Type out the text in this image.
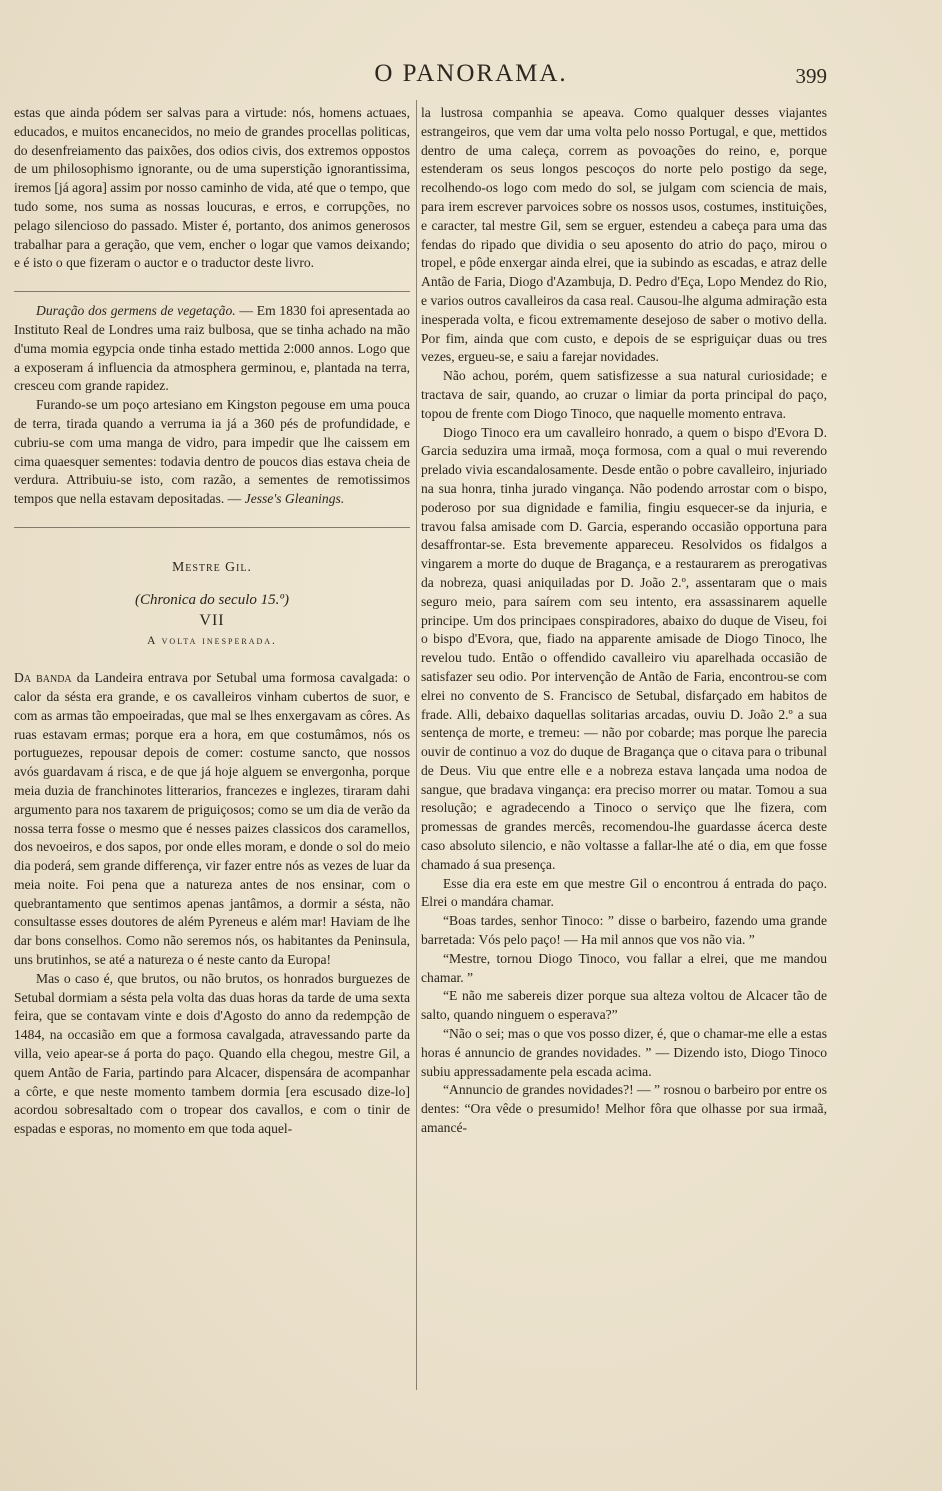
O PANORAMA.	399

estas que ainda pódem ser salvas para a virtude: nós, homens actuaes, educados, e muitos encanecidos, no meio de grandes procellas politicas, do desenfreiamento das paixões, dos odios civis, dos extremos oppostos de um philosophismo ignorante, ou de uma superstição ignorantissima, iremos [já agora] assim por nosso caminho de vida, até que o tempo, que tudo some, nos suma as nossas loucuras, e erros, e corrupções, no pelago silencioso do passado. Mister é, portanto, dos animos generosos trabalhar para a geração, que vem, encher o logar que vamos deixando; e é isto o que fizeram o auctor e o traductor deste livro.

Duração dos germens de vegetação. — Em 1830 foi apresentada ao Instituto Real de Londres uma raiz bulbosa, que se tinha achado na mão d'uma momia egypcia onde tinha estado mettida 2:000 annos. Logo que a exposeram á influencia da atmosphera germinou, e, plantada na terra, cresceu com grande rapidez.

Furando-se um poço artesiano em Kingston pegouse em uma pouca de terra, tirada quando a verruma ia já a 360 pés de profundidade, e cubriu-se com uma manga de vidro, para impedir que lhe caissem em cima quaesquer sementes: todavia dentro de poucos dias estava cheia de verdura. Attribuiu-se isto, com razão, a sementes de remotissimos tempos que nella estavam depositadas. — Jesse's Gleanings.

Mestre Gil.
(Chronica do seculo 15.º)
VII
A volta inesperada.

Da banda da Landeira entrava por Setubal uma formosa cavalgada: o calor da sésta era grande, e os cavalleiros vinham cubertos de suor, e com as armas tão empoeiradas, que mal se lhes enxergavam as côres. As ruas estavam ermas; porque era a hora, em que costumâmos, nós os portuguezes, repousar depois de comer: costume sancto, que nossos avós guardavam á risca, e de que já hoje alguem se envergonha, porque meia duzia de franchinotes litterarios, francezes e inglezes, tiraram dahi argumento para nos taxarem de priguiçosos; como se um dia de verão da nossa terra fosse o mesmo que é nesses paizes classicos dos caramellos, dos nevoeiros, e dos sapos, por onde elles moram, e donde o sol do meio dia poderá, sem grande differença, vir fazer entre nós as vezes de luar da meia noite. Foi pena que a natureza antes de nos ensinar, com o quebrantamento que sentimos apenas jantâmos, a dormir a sésta, não consultasse esses doutores de além Pyreneus e além mar! Haviam de lhe dar bons conselhos. Como não seremos nós, os habitantes da Peninsula, uns brutinhos, se até a natureza o é neste canto da Europa!

Mas o caso é, que brutos, ou não brutos, os honrados burguezes de Setubal dormiam a sésta pela volta das duas horas da tarde de uma sexta feira, que se contavam vinte e dois d'Agosto do anno da redempção de 1484, na occasião em que a formosa cavalgada, atravessando parte da villa, veio apear-se á porta do paço. Quando ella chegou, mestre Gil, a quem Antão de Faria, partindo para Alcacer, dispensára de acompanhar a côrte, e que neste momento tambem dormia [era escusado dize-lo] acordou sobresaltado com o tropear dos cavallos, e com o tinir de espadas e esporas, no momento em que toda aquel-

la lustrosa companhia se apeava. Como qualquer desses viajantes estrangeiros, que vem dar uma volta pelo nosso Portugal, e que, mettidos dentro de uma caleça, correm as povoações do reino, e, porque estenderam os seus longos pescoços do norte pelo postigo da sege, recolhendo-os logo com medo do sol, se julgam com sciencia de mais, para irem escrever parvoices sobre os nossos usos, costumes, instituições, e caracter, tal mestre Gil, sem se erguer, estendeu a cabeça para uma das fendas do ripado que dividia o seu aposento do atrio do paço, mirou o tropel, e pôde enxergar ainda elrei, que ia subindo as escadas, e atraz delle Antão de Faria, Diogo d'Azambuja, D. Pedro d'Eça, Lopo Mendez do Rio, e varios outros cavalleiros da casa real. Causou-lhe alguma admiração esta inesperada volta, e ficou extremamente desejoso de saber o motivo della. Por fim, ainda que com custo, e depois de se espriguiçar duas ou tres vezes, ergueu-se, e saiu a farejar novidades.

Não achou, porém, quem satisfizesse a sua natural curiosidade; e tractava de sair, quando, ao cruzar o limiar da porta principal do paço, topou de frente com Diogo Tinoco, que naquelle momento entrava.

Diogo Tinoco era um cavalleiro honrado, a quem o bispo d'Evora D. Garcia seduzira uma irmaã, moça formosa, com a qual o mui reverendo prelado vivia escandalosamente. Desde então o pobre cavalleiro, injuriado na sua honra, tinha jurado vingança. Não podendo arrostar com o bispo, poderoso por sua dignidade e familia, fingiu esquecer-se da injuria, e travou falsa amisade com D. Garcia, esperando occasião opportuna para desaffrontar-se. Esta brevemente appareceu. Resolvidos os fidalgos a vingarem a morte do duque de Bragança, e a restaurarem as prerogativas da nobreza, quasi aniquiladas por D. João 2.º, assentaram que o mais seguro meio, para saírem com seu intento, era assassinarem aquelle principe. Um dos principaes conspiradores, abaixo do duque de Viseu, foi o bispo d'Evora, que, fiado na apparente amisade de Diogo Tinoco, lhe revelou tudo. Então o offendido cavalleiro viu aparelhada occasião de satisfazer seu odio. Por intervenção de Antão de Faria, encontrou-se com elrei no convento de S. Francisco de Setubal, disfarçado em habitos de frade. Alli, debaixo daquellas solitarias arcadas, ouviu D. João 2.º a sua sentença de morte, e tremeu: — não por cobarde; mas porque lhe parecia ouvir de continuo a voz do duque de Bragança que o citava para o tribunal de Deus. Viu que entre elle e a nobreza estava lançada uma nodoa de sangue, que bradava vingança: era preciso morrer ou matar. Tomou a sua resolução; e agradecendo a Tinoco o serviço que lhe fizera, com promessas de grandes mercês, recomendou-lhe guardasse ácerca deste caso absoluto silencio, e não voltasse a fallar-lhe até o dia, em que fosse chamado á sua presença.

Esse dia era este em que mestre Gil o encontrou á entrada do paço. Elrei o mandára chamar.

“Boas tardes, senhor Tinoco: ” disse o barbeiro, fazendo uma grande barretada: Vós pelo paço! — Ha mil annos que vos não via. ”

“Mestre, tornou Diogo Tinoco, vou fallar a elrei, que me mandou chamar. ”

“E não me sabereis dizer porque sua alteza voltou de Alcacer tão de salto, quando ninguem o esperava?”

“Não o sei; mas o que vos posso dizer, é, que o chamar-me elle a estas horas é annuncio de grandes novidades. ” — Dizendo isto, Diogo Tinoco subiu appressadamente pela escada acima.

“Annuncio de grandes novidades?! — ” rosnou o barbeiro por entre os dentes: “Ora vêde o presumido! Melhor fôra que olhasse por sua irmaã, amancé-
